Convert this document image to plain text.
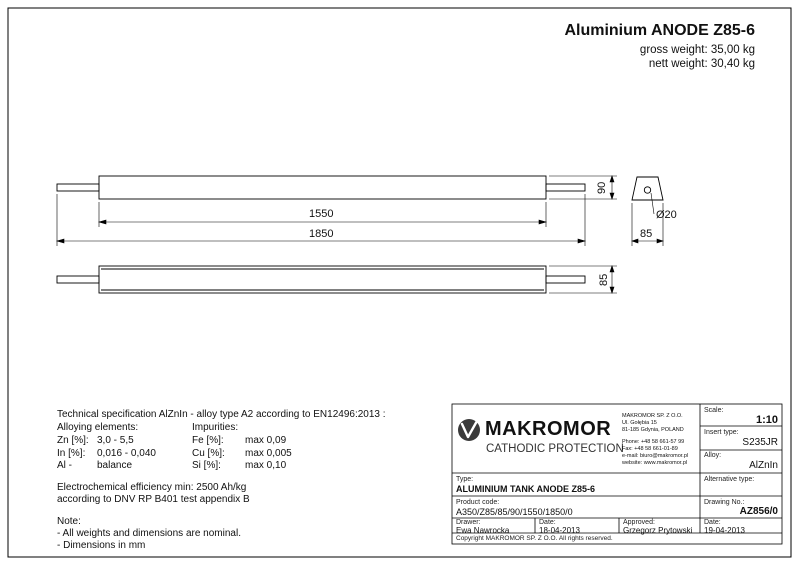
Aluminium ANODE Z85-6
gross weight: 35,00 kg
nett weight: 30,40 kg
1550
1850
90
85
85
Ø20
Technical specification AlZnIn - alloy type A2 according to EN12496:2013 :
Alloying elements:	Impurities:
Zn [%]: 3,0 - 5,5
In [%]: 0,016 - 0,040
Al -	balance
Fe [%]: max 0,09
Cu [%]: max 0,005
Si [%]: max 0,10
Electrochemical efficiency min: 2500 Ah/kg
according to DNV RP B401 test appendix B
Note:
- All weights and dimensions are nominal.
- Dimensions in mm
MAKROMOR
CATHODIC PROTECTION
MAKROMOR SP. Z O.O.
Ul. Gołębia 15
81-185 Gdynia, POLAND
Phone: +48 58 661-57 99
Fax: +48 58 661-01-89
e-mail: biuro@makromor.pl
website: www.makromor.pl
Scale:
1:10
Insert type:
S235JR
Alloy:
AlZnIn
Type:
ALUMINIUM TANK ANODE Z85-6
Alternative type:
Product code:
A350/Z85/85/90/1550/1850/0
Drawing No.:
AZ856/0
Drawer:
Ewa Nawrocka
Date:
18-04-2013
Approved:
Grzegorz Prytowski
Date:
19-04-2013
Copyright MAKROMOR SP. Z O.O. All rights reserved.
